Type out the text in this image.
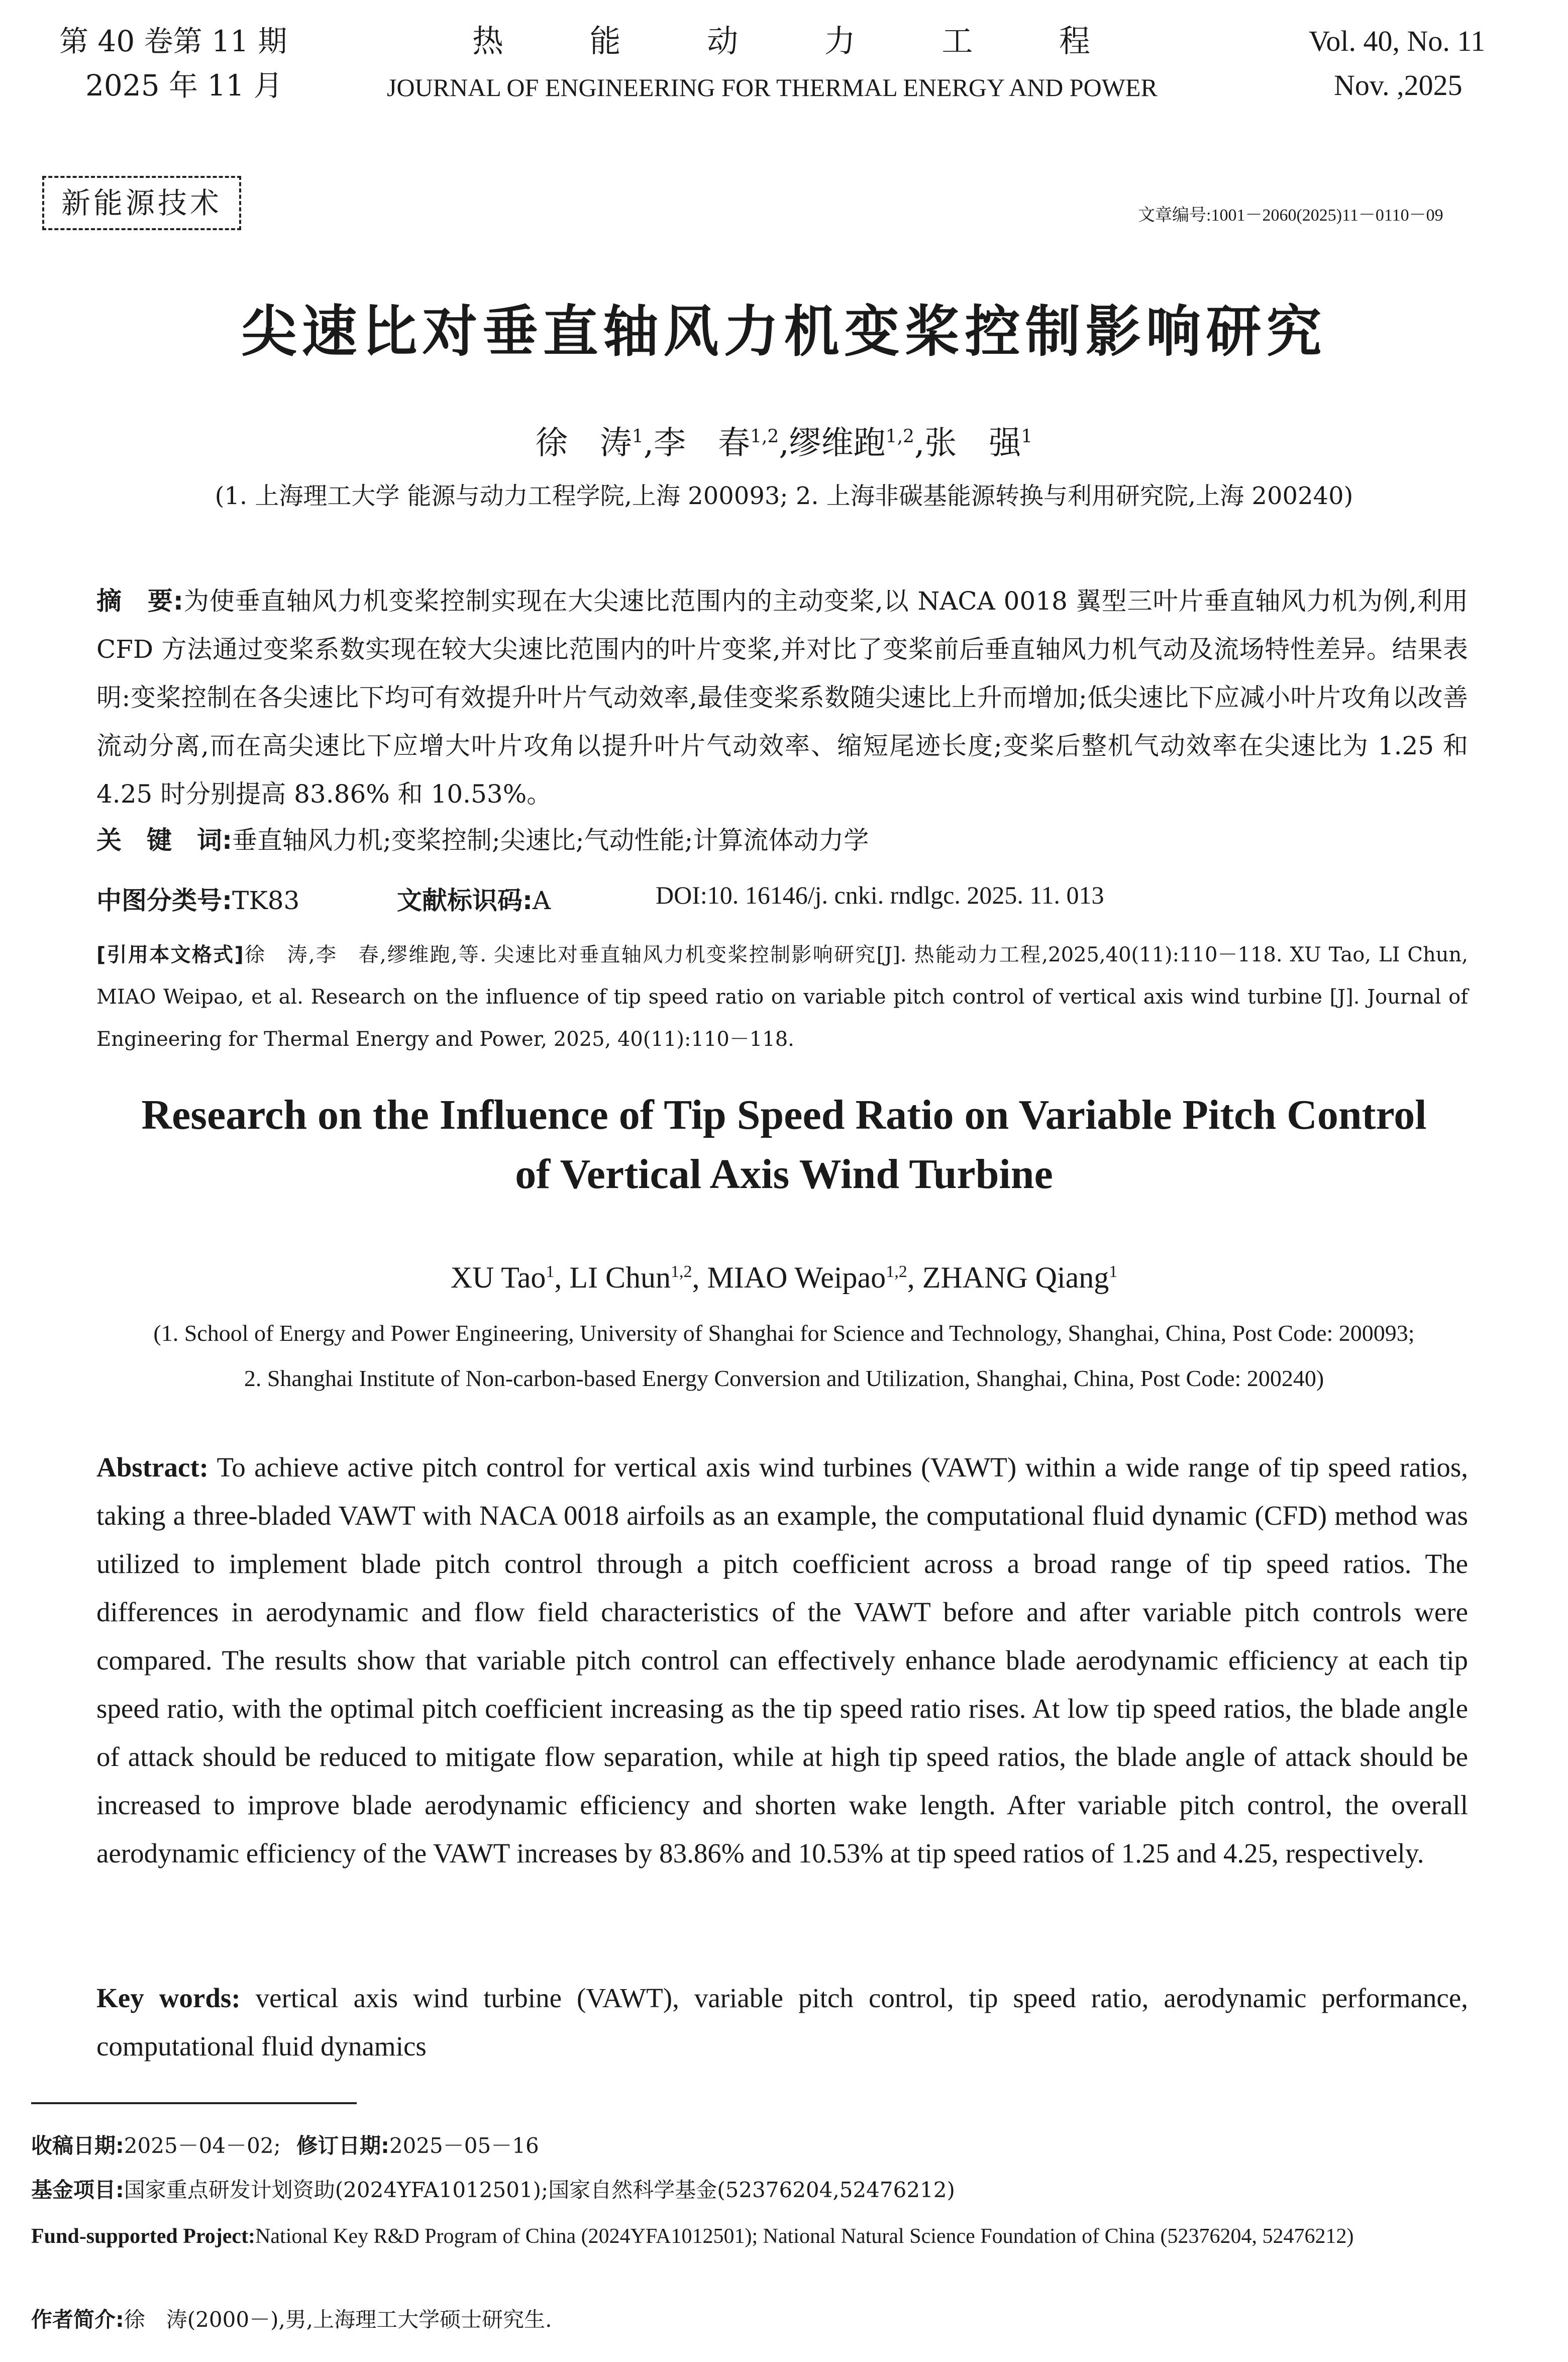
第 40 卷第 11 期
2025 年 11 月
热	能	动	力	工	程
JOURNAL OF ENGINEERING FOR THERMAL ENERGY AND POWER
Vol. 40, No. 11
Nov. ,2025
新能源技术	文章编号:1001－2060(2025)11－0110－09
尖速比对垂直轴风力机变桨控制影响研究
徐　涛$^1$,李　春$^{1,2}$,缪维跑$^{1,2}$,张　强$^1$
(1. 上海理工大学 能源与动力工程学院,上海 200093; 2. 上海非碳基能源转换与利用研究院,上海 200240)
摘　要:为使垂直轴风力机变桨控制实现在大尖速比范围内的主动变桨,以 NACA 0018 翼型三叶片垂直轴风力机为例,利用 CFD 方法通过变桨系数实现在较大尖速比范围内的叶片变桨,并对比了变桨前后垂直轴风力机气动及流场特性差异。结果表明:变桨控制在各尖速比下均可有效提升叶片气动效率,最佳变桨系数随尖速比上升而增加;低尖速比下应减小叶片攻角以改善流动分离,而在高尖速比下应增大叶片攻角以提升叶片气动效率、缩短尾迹长度;变桨后整机气动效率在尖速比为 1.25 和 4.25 时分别提高 83.86% 和 10.53%。
关　键　词:垂直轴风力机;变桨控制;尖速比;气动性能;计算流体动力学
中图分类号:TK83	文献标识码:A	DOI:10. 16146/j. cnki. rndlgc. 2025. 11. 013
[引用本文格式]徐　涛,李　春,缪维跑,等. 尖速比对垂直轴风力机变桨控制影响研究[J]. 热能动力工程,2025,40(11):110－118. XU Tao, LI Chun, MIAO Weipao, et al. Research on the influence of tip speed ratio on variable pitch control of vertical axis wind turbine [J]. Journal of Engineering for Thermal Energy and Power, 2025, 40(11):110－118.
Research on the Influence of Tip Speed Ratio on Variable Pitch Control
of Vertical Axis Wind Turbine
XU Tao$^1$, LI Chun$^{1,2}$, MIAO Weipao$^{1,2}$, ZHANG Qiang$^1$
(1. School of Energy and Power Engineering, University of Shanghai for Science and Technology, Shanghai, China, Post Code: 200093;
2. Shanghai Institute of Non-carbon-based Energy Conversion and Utilization, Shanghai, China, Post Code: 200240)
Abstract: To achieve active pitch control for vertical axis wind turbines (VAWT) within a wide range of tip speed ratios, taking a three-bladed VAWT with NACA 0018 airfoils as an example, the computational fluid dynamic (CFD) method was utilized to implement blade pitch control through a pitch coefficient across a broad range of tip speed ratios. The differences in aerodynamic and flow field characteristics of the VAWT before and after variable pitch controls were compared. The results show that variable pitch control can effectively enhance blade aerodynamic efficiency at each tip speed ratio, with the optimal pitch coefficient increasing as the tip speed ratio rises. At low tip speed ratios, the blade angle of attack should be reduced to mitigate flow separation, while at high tip speed ratios, the blade angle of attack should be increased to improve blade aerodynamic efficiency and shorten wake length. After variable pitch control, the overall aerodynamic efficiency of the VAWT increases by 83.86% and 10.53% at tip speed ratios of 1.25 and 4.25, respectively.
Key words: vertical axis wind turbine (VAWT), variable pitch control, tip speed ratio, aerodynamic performance, computational fluid dynamics
收稿日期:2025－04－02; 修订日期:2025－05－16
基金项目:国家重点研发计划资助(2024YFA1012501);国家自然科学基金(52376204,52476212)
Fund-supported Project:National Key R&D Program of China (2024YFA1012501); National Natural Science Foundation of China (52376204, 52476212)
作者简介:徐　涛(2000－),男,上海理工大学硕士研究生.
